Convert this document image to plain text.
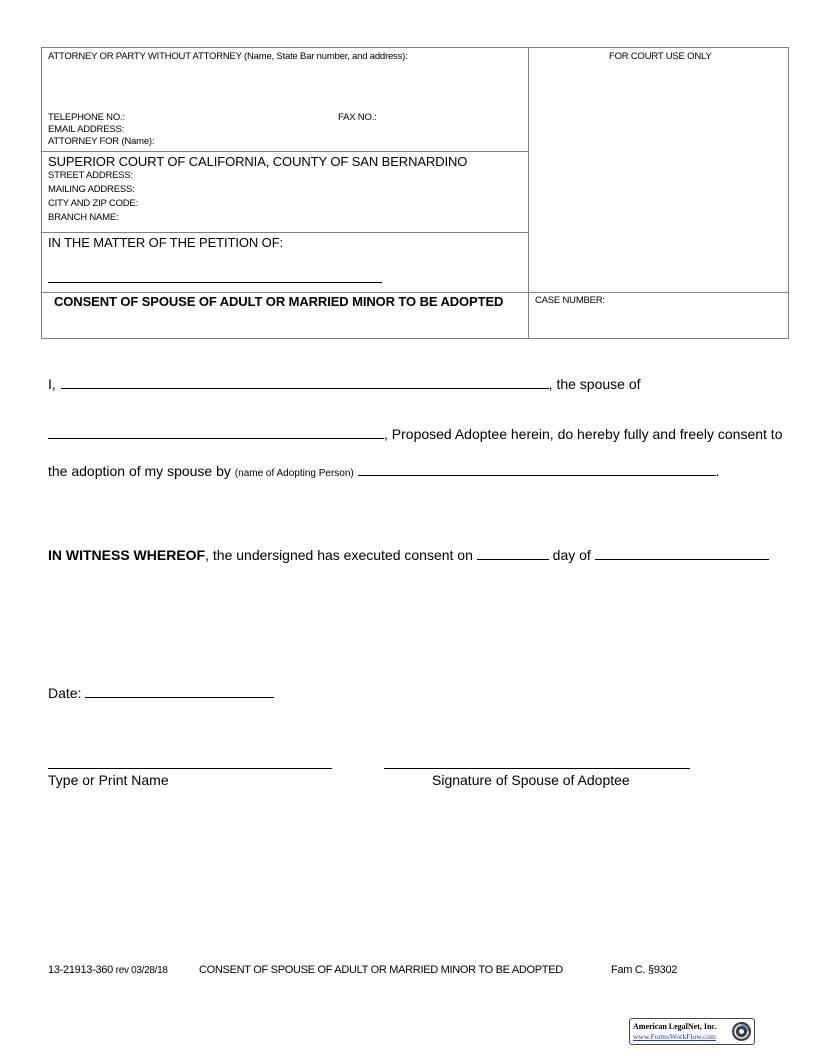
ATTORNEY OR PARTY WITHOUT ATTORNEY (Name, State Bar number, and address):	FOR COURT USE ONLY
TELEPHONE NO.:	FAX NO.:
EMAIL ADDRESS:
ATTORNEY FOR (Name):
SUPERIOR COURT OF CALIFORNIA, COUNTY OF SAN BERNARDINO
STREET ADDRESS:
MAILING ADDRESS:
CITY AND ZIP CODE:
BRANCH NAME:
IN THE MATTER OF THE PETITION OF:
CONSENT OF SPOUSE OF ADULT OR MARRIED MINOR TO BE ADOPTED	CASE NUMBER:
I,	, the spouse of
, Proposed Adoptee herein, do hereby fully and freely consent to
the adoption of my spouse by (name of Adopting Person)	.
IN WITNESS WHEREOF, the undersigned has executed consent on	day of
Date:
Type or Print Name	Signature of Spouse of Adoptee
13-21913-360 rev 03/28/18	CONSENT OF SPOUSE OF ADULT OR MARRIED MINOR TO BE ADOPTED	Fam C. §9302
American LegalNet, Inc.
www.FormsWorkFlow.com
